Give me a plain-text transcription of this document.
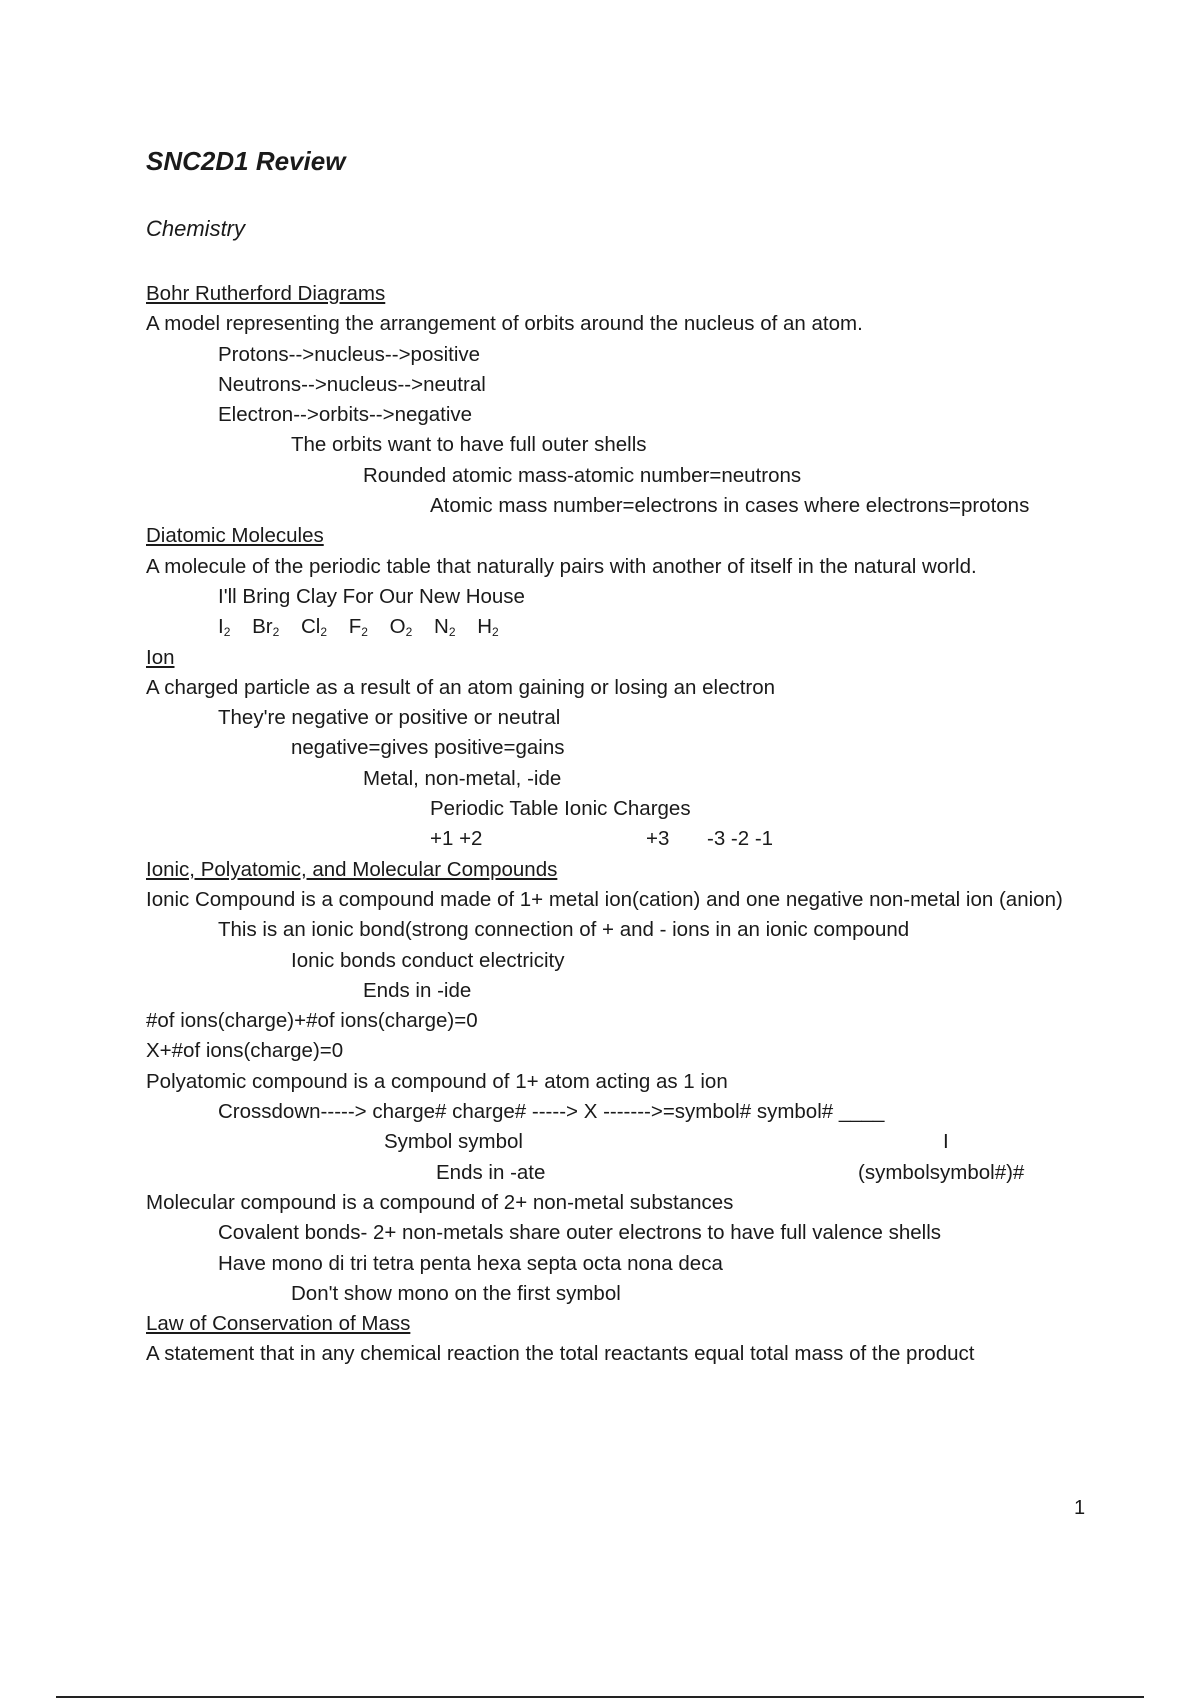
SNC2D1 Review
Chemistry
Bohr Rutherford Diagrams
A model representing the arrangement of orbits around the nucleus of an atom.
Protons-->nucleus-->positive
Neutrons-->nucleus-->neutral
Electron-->orbits-->negative
The orbits want to have full outer shells
Rounded atomic mass-atomic number=neutrons
Atomic mass number=electrons in cases where electrons=protons
Diatomic Molecules
A molecule of the periodic table that naturally pairs with another of itself in the natural world.
I'll Bring Clay For Our New House
$I_2$ $Br_2$ $Cl_2$ $F_2$ $O_2$ $N_2$ $H_2$
Ion
A charged particle as a result of an atom gaining or losing an electron
They're negative or positive or neutral
negative=gives positive=gains
Metal, non-metal, -ide
Periodic Table Ionic Charges
+1 +2	+3 -3 -2 -1
Ionic, Polyatomic, and Molecular Compounds
Ionic Compound is a compound made of 1+ metal ion(cation) and one negative non-metal ion (anion)
This is an ionic bond(strong connection of + and - ions in an ionic compound
Ionic bonds conduct electricity
Ends in -ide
#of ions(charge)+#of ions(charge)=0
X+#of ions(charge)=0
Polyatomic compound is a compound of 1+ atom acting as 1 ion
Crossdown-----> charge# charge# -----> X ------->=symbol# symbol# ____
Symbol symbol	I
Ends in -ate	(symbolsymbol#)#
Molecular compound is a compound of 2+ non-metal substances
Covalent bonds- 2+ non-metals share outer electrons to have full valence shells
Have mono di tri tetra penta hexa septa octa nona deca
Don't show mono on the first symbol
Law of Conservation of Mass
A statement that in any chemical reaction the total reactants equal total mass of the product
1
